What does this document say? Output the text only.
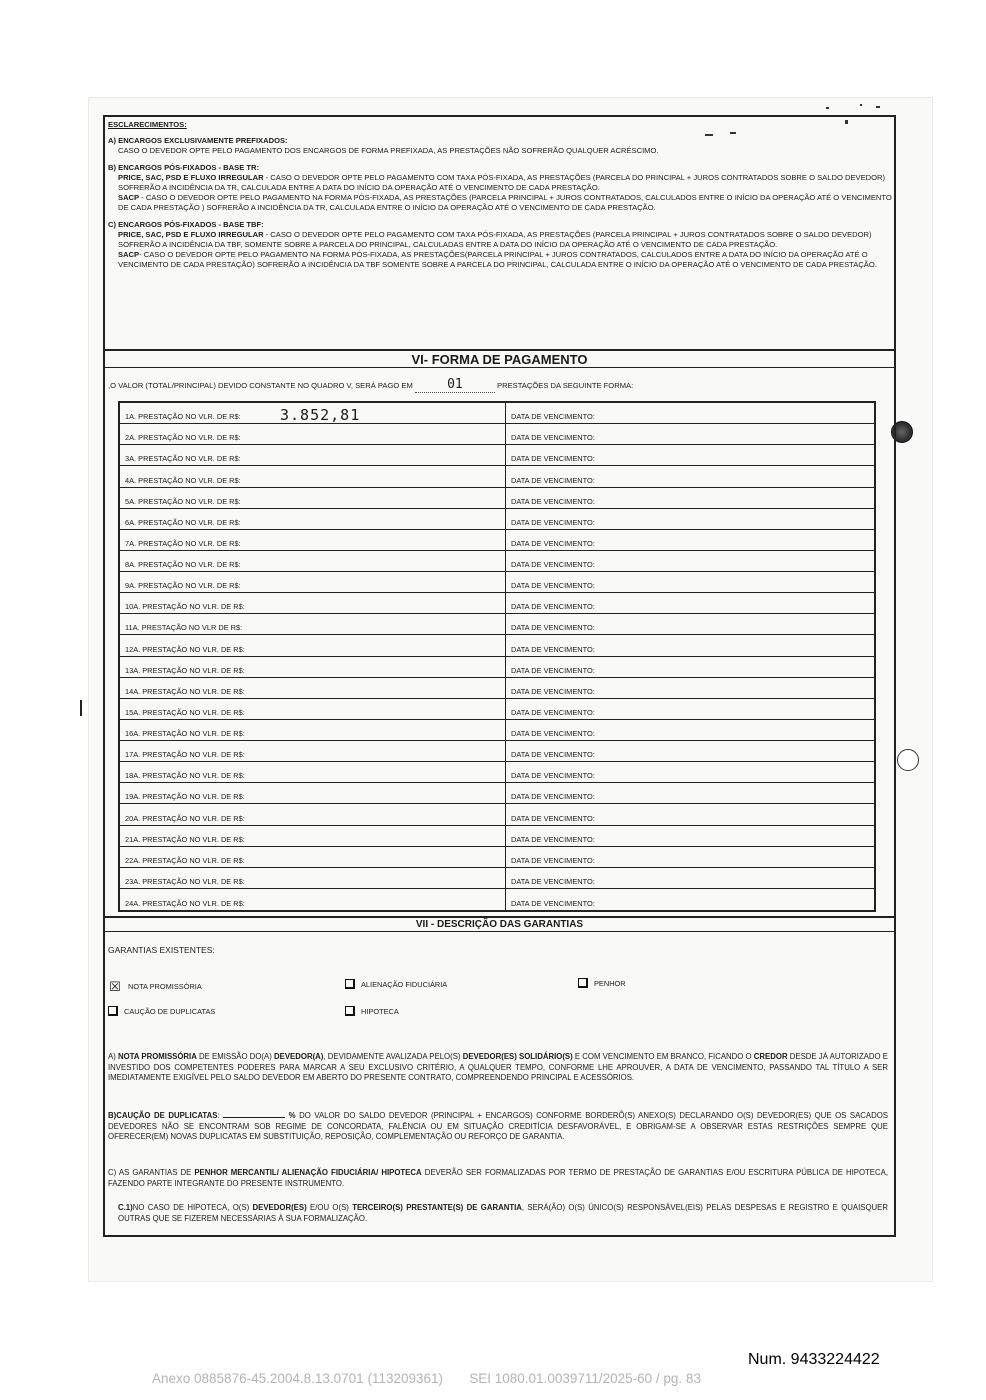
ESCLARECIMENTOS:

A) ENCARGOS EXCLUSIVAMENTE PREFIXADOS:

CASO O DEVEDOR OPTE PELO PAGAMENTO DOS ENCARGOS DE FORMA PREFIXADA, AS PRESTAÇÕES NÃO SOFRERÃO QUALQUER ACRÉSCIMO.

B) ENCARGOS PÓS-FIXADOS - BASE TR:

PRICE, SAC, PSD E FLUXO IRREGULAR - CASO O DEVEDOR OPTE PELO PAGAMENTO COM TAXA PÓS-FIXADA, AS PRESTAÇÕES (PARCELA DO PRINCIPAL + JUROS CONTRATADOS SOBRE O SALDO DEVEDOR) SOFRERÃO A INCIDÊNCIA DA TR, CALCULADA ENTRE A DATA DO INÍCIO DA OPERAÇÃO ATÉ O VENCIMENTO DE CADA PRESTAÇÃO.

SACP - CASO O DEVEDOR OPTE PELO PAGAMENTO NA FORMA PÓS-FIXADA, AS PRESTAÇÕES (PARCELA PRINCIPAL + JUROS CONTRATADOS, CALCULADOS ENTRE O INÍCIO DA OPERAÇÃO ATÉ O VENCIMENTO DE CADA PRESTAÇÃO ) SOFRERÃO A INCIDÊNCIA DA TR, CALCULADA ENTRE O INÍCIO DA OPERAÇÃO ATÉ O VENCIMENTO DE CADA PRESTAÇÃO.

C) ENCARGOS PÓS-FIXADOS - BASE TBF:

PRICE, SAC, PSD E FLUXO IRREGULAR - CASO O DEVEDOR OPTE PELO PAGAMENTO COM TAXA PÓS-FIXADA, AS PRESTAÇÕES (PARCELA PRINCIPAL + JUROS CONTRATADOS SOBRE O SALDO DEVEDOR) SOFRERÃO A INCIDÊNCIA DA TBF, SOMENTE SOBRE A PARCELA DO PRINCIPAL, CALCULADAS ENTRE A DATA DO INÍCIO DA OPERAÇÃO ATÉ O VENCIMENTO DE CADA PRESTAÇÃO.

SACP- CASO O DEVEDOR OPTE PELO PAGAMENTO NA FORMA PÓS-FIXADA, AS PRESTAÇÕES(PARCELA PRINCIPAL + JUROS CONTRATADOS, CALCULADOS ENTRE A DATA DO INÍCIO DA OPERAÇÃO ATÉ O VENCIMENTO DE CADA PRESTAÇÃO) SOFRERÃO A INCIDÊNCIA DA TBF SOMENTE SOBRE A PARCELA DO PRINCIPAL, CALCULADA ENTRE O INÍCIO DA OPERAÇÃO ATÉ O VENCIMENTO DE CADA PRESTAÇÃO.

VI- FORMA DE PAGAMENTO
,O VALOR (TOTAL/PRINCIPAL) DEVIDO CONSTANTE NO QUADRO V, SERÁ PAGO EM	01	PRESTAÇÕES DA SEGUINTE FORMA:
1A. PRESTAÇÃO NO VLR. DE R$:	3.852,81	DATA DE VENCIMENTO:
2A. PRESTAÇÃO NO VLR. DE R$:	DATA DE VENCIMENTO:
3A. PRESTAÇÃO NO VLR. DE R$:	DATA DE VENCIMENTO:
4A. PRESTAÇÃO NO VLR. DE R$:	DATA DE VENCIMENTO:
5A. PRESTAÇÃO NO VLR. DE R$:	DATA DE VENCIMENTO:
6A. PRESTAÇÃO NO VLR. DE R$:	DATA DE VENCIMENTO:
7A. PRESTAÇÃO NO VLR. DE R$:	DATA DE VENCIMENTO:
8A. PRESTAÇÃO NO VLR. DE R$:	DATA DE VENCIMENTO:
9A. PRESTAÇÃO NO VLR. DE R$:	DATA DE VENCIMENTO:
10A. PRESTAÇÃO NO VLR. DE R$:	DATA DE VENCIMENTO:
11A. PRESTAÇÃO NO VLR DE R$:	DATA DE VENCIMENTO:
12A. PRESTAÇÃO NO VLR. DE R$:	DATA DE VENCIMENTO:
13A. PRESTAÇÃO NO VLR. DE R$:	DATA DE VENCIMENTO:
14A. PRESTAÇÃO NO VLR. DE R$:	DATA DE VENCIMENTO:
15A. PRESTAÇÃO NO VLR. DE R$:	DATA DE VENCIMENTO:
16A. PRESTAÇÃO NO VLR. DE R$:	DATA DE VENCIMENTO:
17A. PRESTAÇÃO NO VLR. DE R$:	DATA DE VENCIMENTO:
18A. PRESTAÇÃO NO VLR. DE R$:	DATA DE VENCIMENTO:
19A. PRESTAÇÃO NO VLR. DE R$:	DATA DE VENCIMENTO:
20A. PRESTAÇÃO NO VLR. DE R$:	DATA DE VENCIMENTO:
21A. PRESTAÇÃO NO VLR. DE R$:	DATA DE VENCIMENTO:
22A. PRESTAÇÃO NO VLR. DE R$:	DATA DE VENCIMENTO:
23A. PRESTAÇÃO NO VLR. DE R$:	DATA DE VENCIMENTO:
24A. PRESTAÇÃO NO VLR. DE R$:	DATA DE VENCIMENTO:
VII - DESCRIÇÃO DAS GARANTIAS
GARANTIAS EXISTENTES:
☒ NOTA PROMISSÓRIA	ALIENAÇÃO FIDUCIÁRIA	PENHOR
CAUÇÃO DE DUPLICATAS	HIPOTECA

A) NOTA PROMISSÓRIA DE EMISSÃO DO(A) DEVEDOR(A), DEVIDAMENTE AVALIZADA PELO(S) DEVEDOR(ES) SOLIDÁRIO(S) E COM VENCIMENTO EM BRANCO, FICANDO O CREDOR DESDE JÁ AUTORIZADO E INVESTIDO DOS COMPETENTES PODERES PARA MARCAR A SEU EXCLUSIVO CRITÉRIO, A QUALQUER TEMPO, CONFORME LHE APROUVER, A DATA DE VENCIMENTO, PASSANDO TAL TÍTULO A SER IMEDIATAMENTE EXIGÍVEL PELO SALDO DEVEDOR EM ABERTO DO PRESENTE CONTRATO, COMPREENDENDO PRINCIPAL E ACESSÓRIOS.

B)CAUÇÃO DE DUPLICATAS:	% DO VALOR DO SALDO DEVEDOR (PRINCIPAL + ENCARGOS) CONFORME BORDERÔ(S) ANEXO(S) DECLARANDO O(S) DEVEDOR(ES) QUE OS SACADOS DEVEDORES NÃO SE ENCONTRAM SOB REGIME DE CONCORDATA, FALÊNCIA OU EM SITUAÇÃO CREDITÍCIA DESFAVORÁVEL, E OBRIGAM-SE A OBSERVAR ESTAS RESTRIÇÕES SEMPRE QUE OFERECER(EM) NOVAS DUPLICATAS EM SUBSTITUIÇÃO, REPOSIÇÃO, COMPLEMENTAÇÃO OU REFORÇO DE GARANTIA.

C) AS GARANTIAS DE PENHOR MERCANTIL/ ALIENAÇÃO FIDUCIÁRIA/ HIPOTECA DEVERÃO SER FORMALIZADAS POR TERMO DE PRESTAÇÃO DE GARANTIAS E/OU ESCRITURA PÚBLICA DE HIPOTECA, FAZENDO PARTE INTEGRANTE DO PRESENTE INSTRUMENTO.

C.1)NO CASO DE HIPOTECA, O(S) DEVEDOR(ES) E/OU O(S) TERCEIRO(S) PRESTANTE(S) DE GARANTIA, SERÁ(ÃO) O(S) ÚNICO(S) RESPONSÁVEL(EIS) PELAS DESPESAS E REGISTRO E QUAISQUER OUTRAS QUE SE FIZEREM NECESSÁRIAS À SUA FORMALIZAÇÃO.

Num. 9433224422
Anexo 0885876-45.2004.8.13.0701 (113209361)       SEI 1080.01.0039711/2025-60 / pg. 83
